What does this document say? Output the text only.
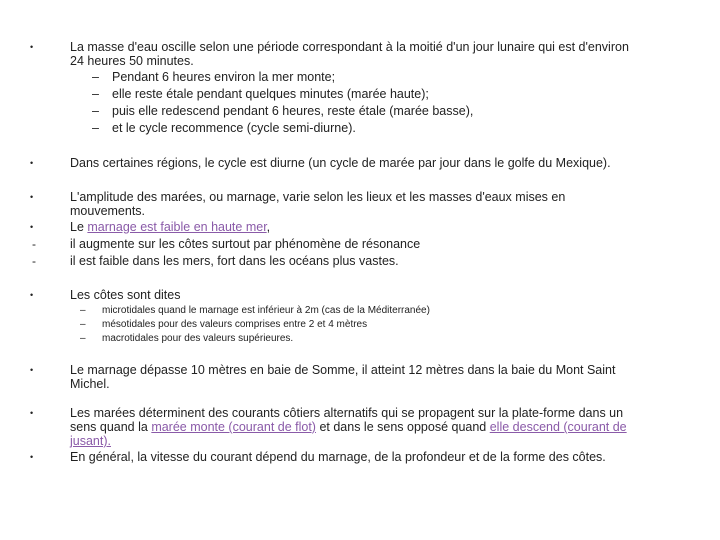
•	La masse d'eau oscille selon une période correspondant à la moitié d'un jour lunaire qui est d'environ
24 heures 50 minutes.
– Pendant 6 heures environ la mer monte;
– elle reste étale pendant quelques minutes (marée haute);
– puis elle redescend pendant 6 heures, reste étale (marée basse),
– et le cycle recommence (cycle semi-diurne).
•	Dans certaines régions, le cycle est diurne (un cycle de marée par jour dans le golfe du Mexique).
•	L'amplitude des marées, ou marnage, varie selon les lieux et les masses d'eaux mises en
mouvements.
•	Le marnage est faible en haute mer,
-	il augmente sur les côtes surtout par phénomène de résonance
-	il est faible dans les mers, fort dans les océans plus vastes.
•	Les côtes sont dites
– microtidales quand le marnage est inférieur à 2m (cas de la Méditerranée)
– mésotidales pour des valeurs comprises entre 2 et 4 mètres
– macrotidales pour des valeurs supérieures.
•	Le marnage dépasse 10 mètres en baie de Somme, il atteint 12 mètres dans la baie du Mont Saint
Michel.
•	Les marées déterminent des courants côtiers alternatifs qui se propagent sur la plate-forme dans un
sens quand la marée monte (courant de flot) et dans le sens opposé quand elle descend (courant de
jusant).
•	En général, la vitesse du courant dépend du marnage, de la profondeur et de la forme des côtes.
